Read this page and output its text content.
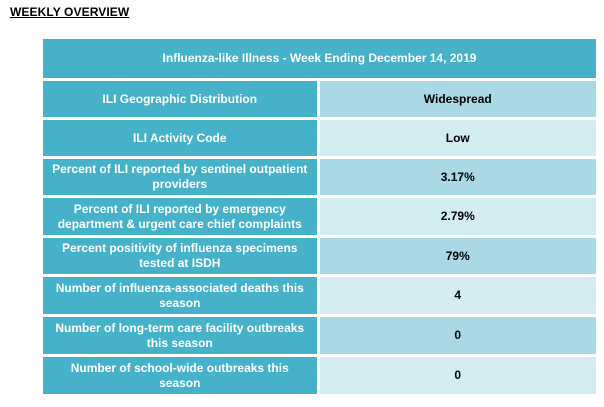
WEEKLY OVERVIEW
Influenza-like Illness - Week Ending December 14, 2019	
ILI Geographic Distribution	Widespread
ILI Activity Code	Low
Percent of ILI reported by sentinel outpatient providers	3.17%
Percent of ILI reported by emergency department & urgent care chief complaints	2.79%
Percent positivity of influenza specimens tested at ISDH	79%
Number of influenza-associated deaths this season	4
Number of long-term care facility outbreaks this season	0
Number of school-wide outbreaks this season	0
